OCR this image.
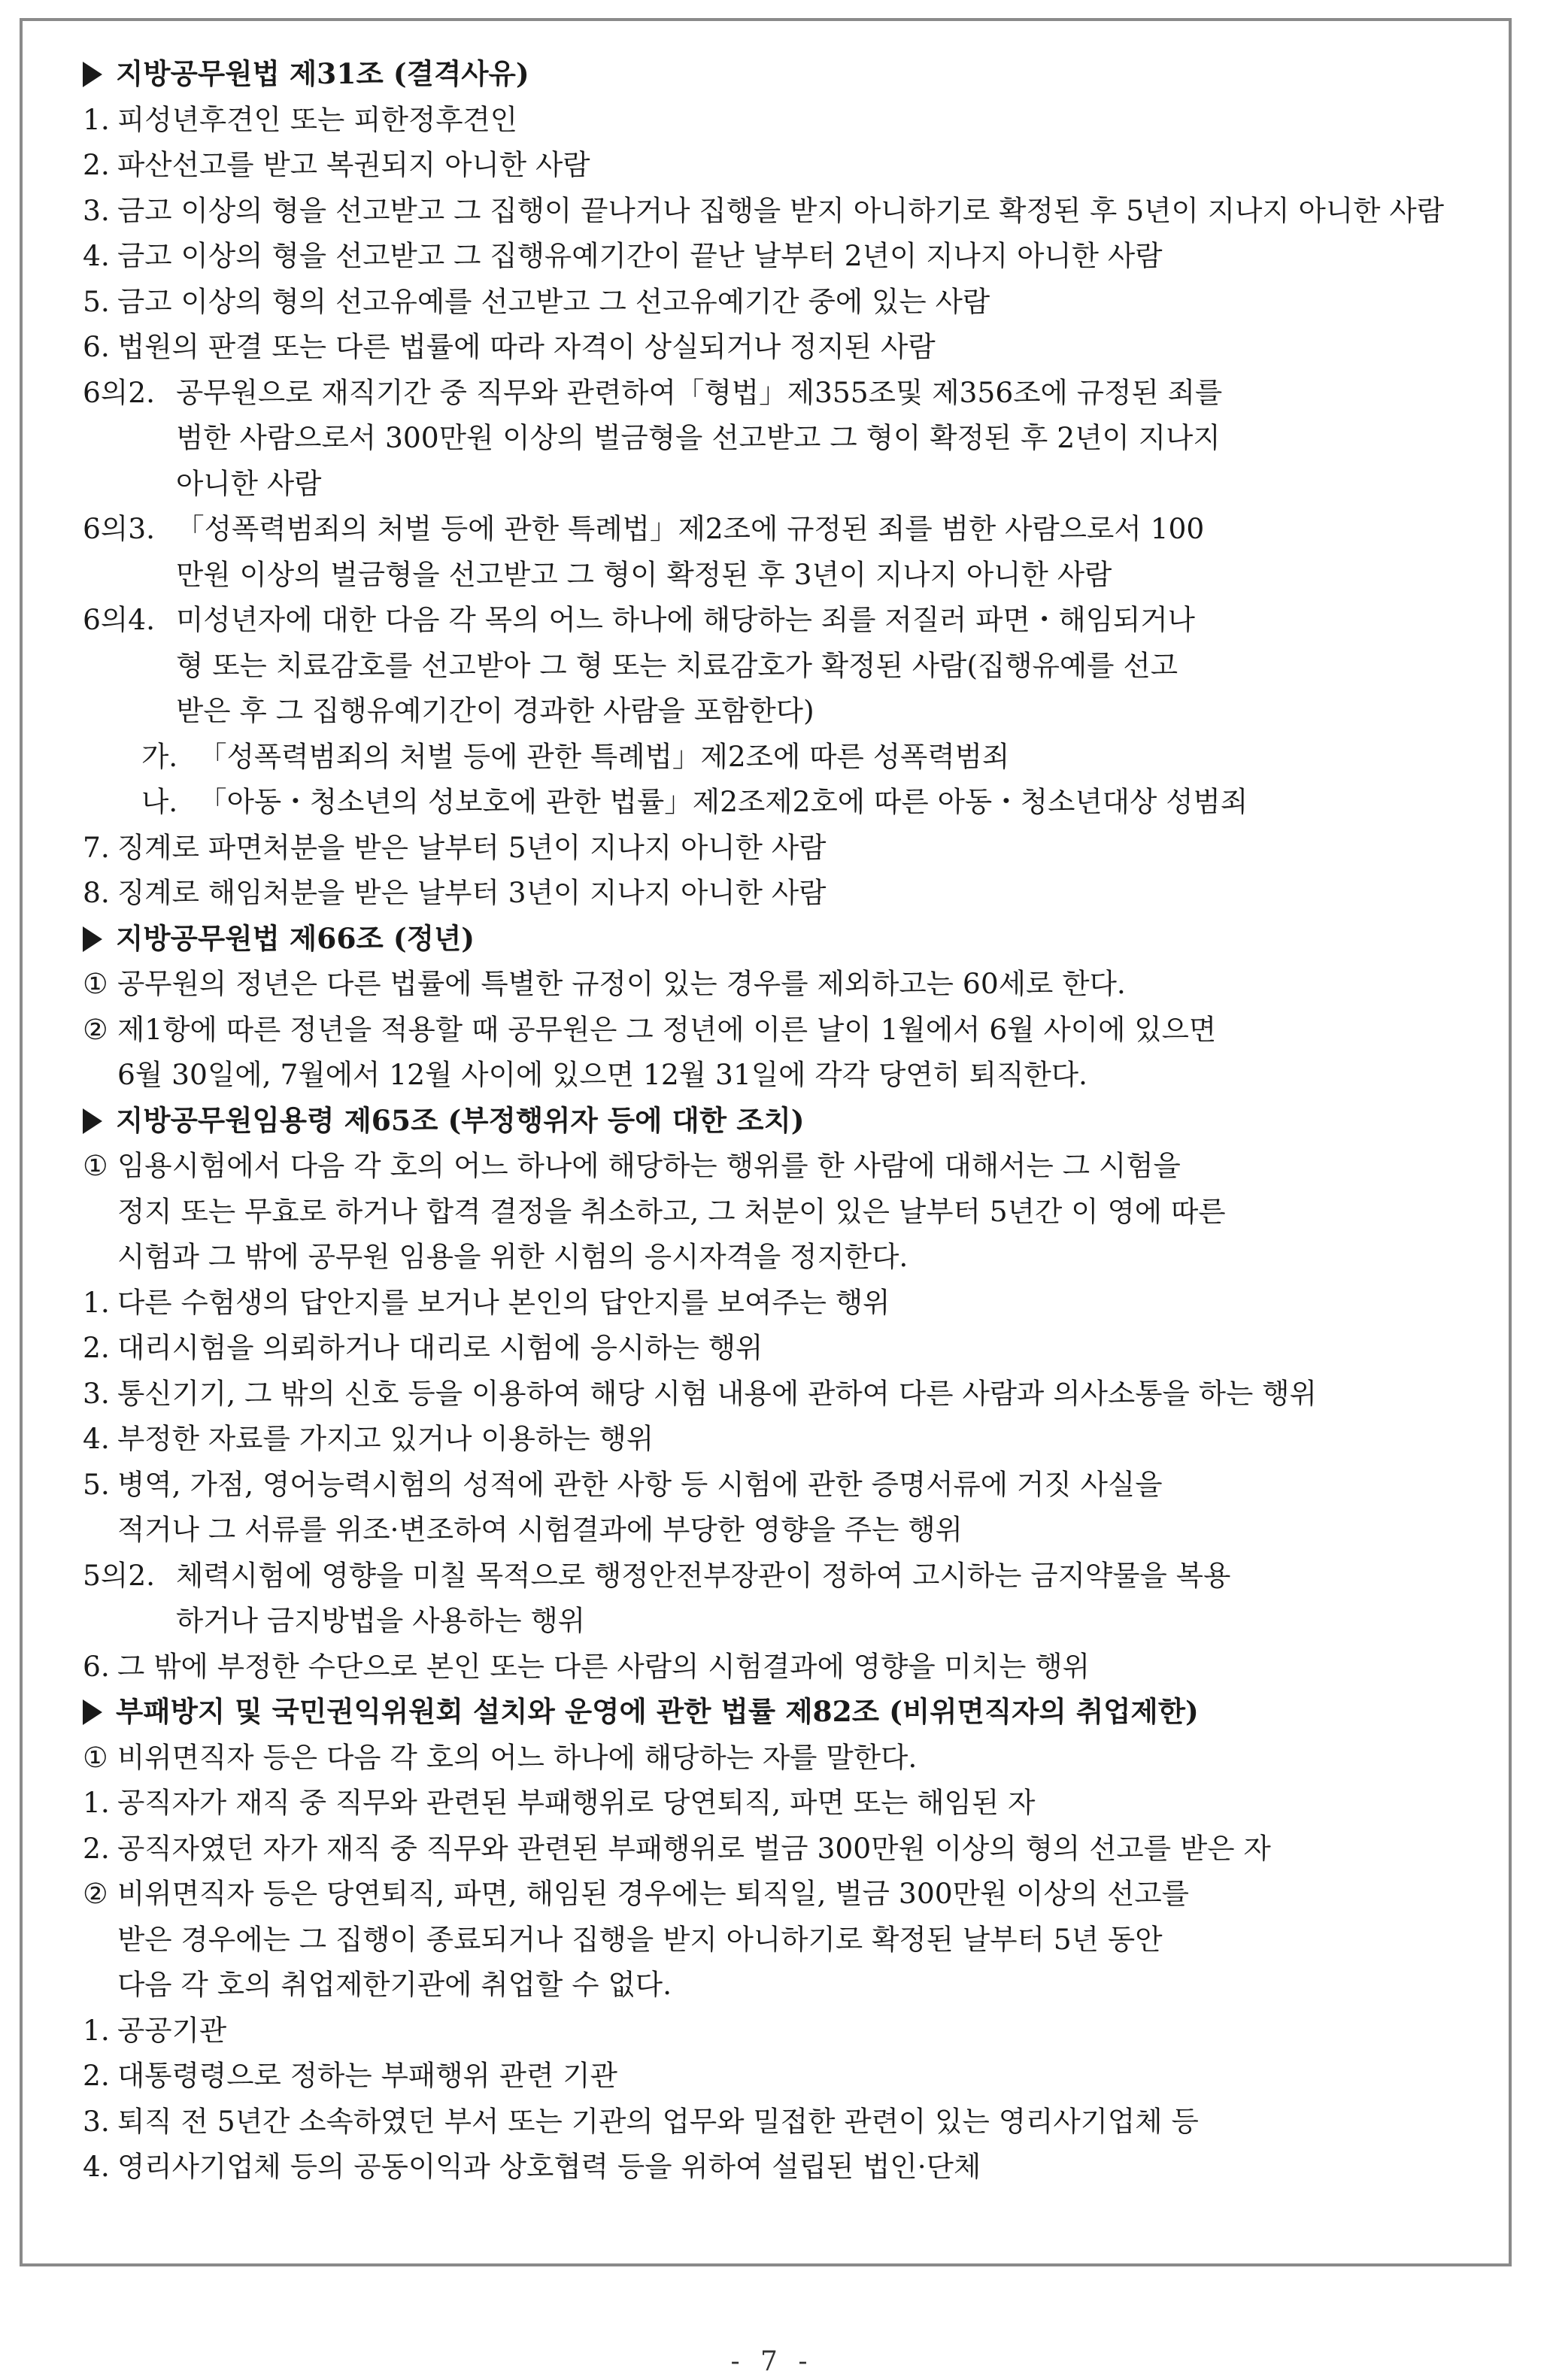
지방공무원법 제31조 (결격사유)
1. 피성년후견인 또는 피한정후견인
2. 파산선고를 받고 복권되지 아니한 사람
3. 금고 이상의 형을 선고받고 그 집행이 끝나거나 집행을 받지 아니하기로 확정된 후 5년이 지나지 아니한 사람
4. 금고 이상의 형을 선고받고 그 집행유예기간이 끝난 날부터 2년이 지나지 아니한 사람
5. 금고 이상의 형의 선고유예를 선고받고 그 선고유예기간 중에 있는 사람
6. 법원의 판결 또는 다른 법률에 따라 자격이 상실되거나 정지된 사람
6의2. 공무원으로 재직기간 중 직무와 관련하여「형법」제355조및 제356조에 규정된 죄를
범한 사람으로서 300만원 이상의 벌금형을 선고받고 그 형이 확정된 후 2년이 지나지
아니한 사람
6의3. 「성폭력범죄의 처벌 등에 관한 특례법」제2조에 규정된 죄를 범한 사람으로서 100
만원 이상의 벌금형을 선고받고 그 형이 확정된 후 3년이 지나지 아니한 사람
6의4. 미성년자에 대한 다음 각 목의 어느 하나에 해당하는 죄를 저질러 파면・해임되거나
형 또는 치료감호를 선고받아 그 형 또는 치료감호가 확정된 사람(집행유예를 선고
받은 후 그 집행유예기간이 경과한 사람을 포함한다)
가. 「성폭력범죄의 처벌 등에 관한 특례법」제2조에 따른 성폭력범죄
나. 「아동・청소년의 성보호에 관한 법률」제2조제2호에 따른 아동・청소년대상 성범죄
7. 징계로 파면처분을 받은 날부터 5년이 지나지 아니한 사람
8. 징계로 해임처분을 받은 날부터 3년이 지나지 아니한 사람
지방공무원법 제66조 (정년)
① 공무원의 정년은 다른 법률에 특별한 규정이 있는 경우를 제외하고는 60세로 한다.
② 제1항에 따른 정년을 적용할 때 공무원은 그 정년에 이른 날이 1월에서 6월 사이에 있으면
6월 30일에, 7월에서 12월 사이에 있으면 12월 31일에 각각 당연히 퇴직한다.
지방공무원임용령 제65조 (부정행위자 등에 대한 조치)
① 임용시험에서 다음 각 호의 어느 하나에 해당하는 행위를 한 사람에 대해서는 그 시험을
정지 또는 무효로 하거나 합격 결정을 취소하고, 그 처분이 있은 날부터 5년간 이 영에 따른
시험과 그 밖에 공무원 임용을 위한 시험의 응시자격을 정지한다.
1. 다른 수험생의 답안지를 보거나 본인의 답안지를 보여주는 행위
2. 대리시험을 의뢰하거나 대리로 시험에 응시하는 행위
3. 통신기기, 그 밖의 신호 등을 이용하여 해당 시험 내용에 관하여 다른 사람과 의사소통을 하는 행위
4. 부정한 자료를 가지고 있거나 이용하는 행위
5. 병역, 가점, 영어능력시험의 성적에 관한 사항 등 시험에 관한 증명서류에 거짓 사실을
적거나 그 서류를 위조·변조하여 시험결과에 부당한 영향을 주는 행위
5의2. 체력시험에 영향을 미칠 목적으로 행정안전부장관이 정하여 고시하는 금지약물을 복용
하거나 금지방법을 사용하는 행위
6. 그 밖에 부정한 수단으로 본인 또는 다른 사람의 시험결과에 영향을 미치는 행위
부패방지 및 국민권익위원회 설치와 운영에 관한 법률 제82조 (비위면직자의 취업제한)
① 비위면직자 등은 다음 각 호의 어느 하나에 해당하는 자를 말한다.
1. 공직자가 재직 중 직무와 관련된 부패행위로 당연퇴직, 파면 또는 해임된 자
2. 공직자였던 자가 재직 중 직무와 관련된 부패행위로 벌금 300만원 이상의 형의 선고를 받은 자
② 비위면직자 등은 당연퇴직, 파면, 해임된 경우에는 퇴직일, 벌금 300만원 이상의 선고를
받은 경우에는 그 집행이 종료되거나 집행을 받지 아니하기로 확정된 날부터 5년 동안
다음 각 호의 취업제한기관에 취업할 수 없다.
1. 공공기관
2. 대통령령으로 정하는 부패행위 관련 기관
3. 퇴직 전 5년간 소속하였던 부서 또는 기관의 업무와 밀접한 관련이 있는 영리사기업체 등
4. 영리사기업체 등의 공동이익과 상호협력 등을 위하여 설립된 법인·단체
- 7 -
